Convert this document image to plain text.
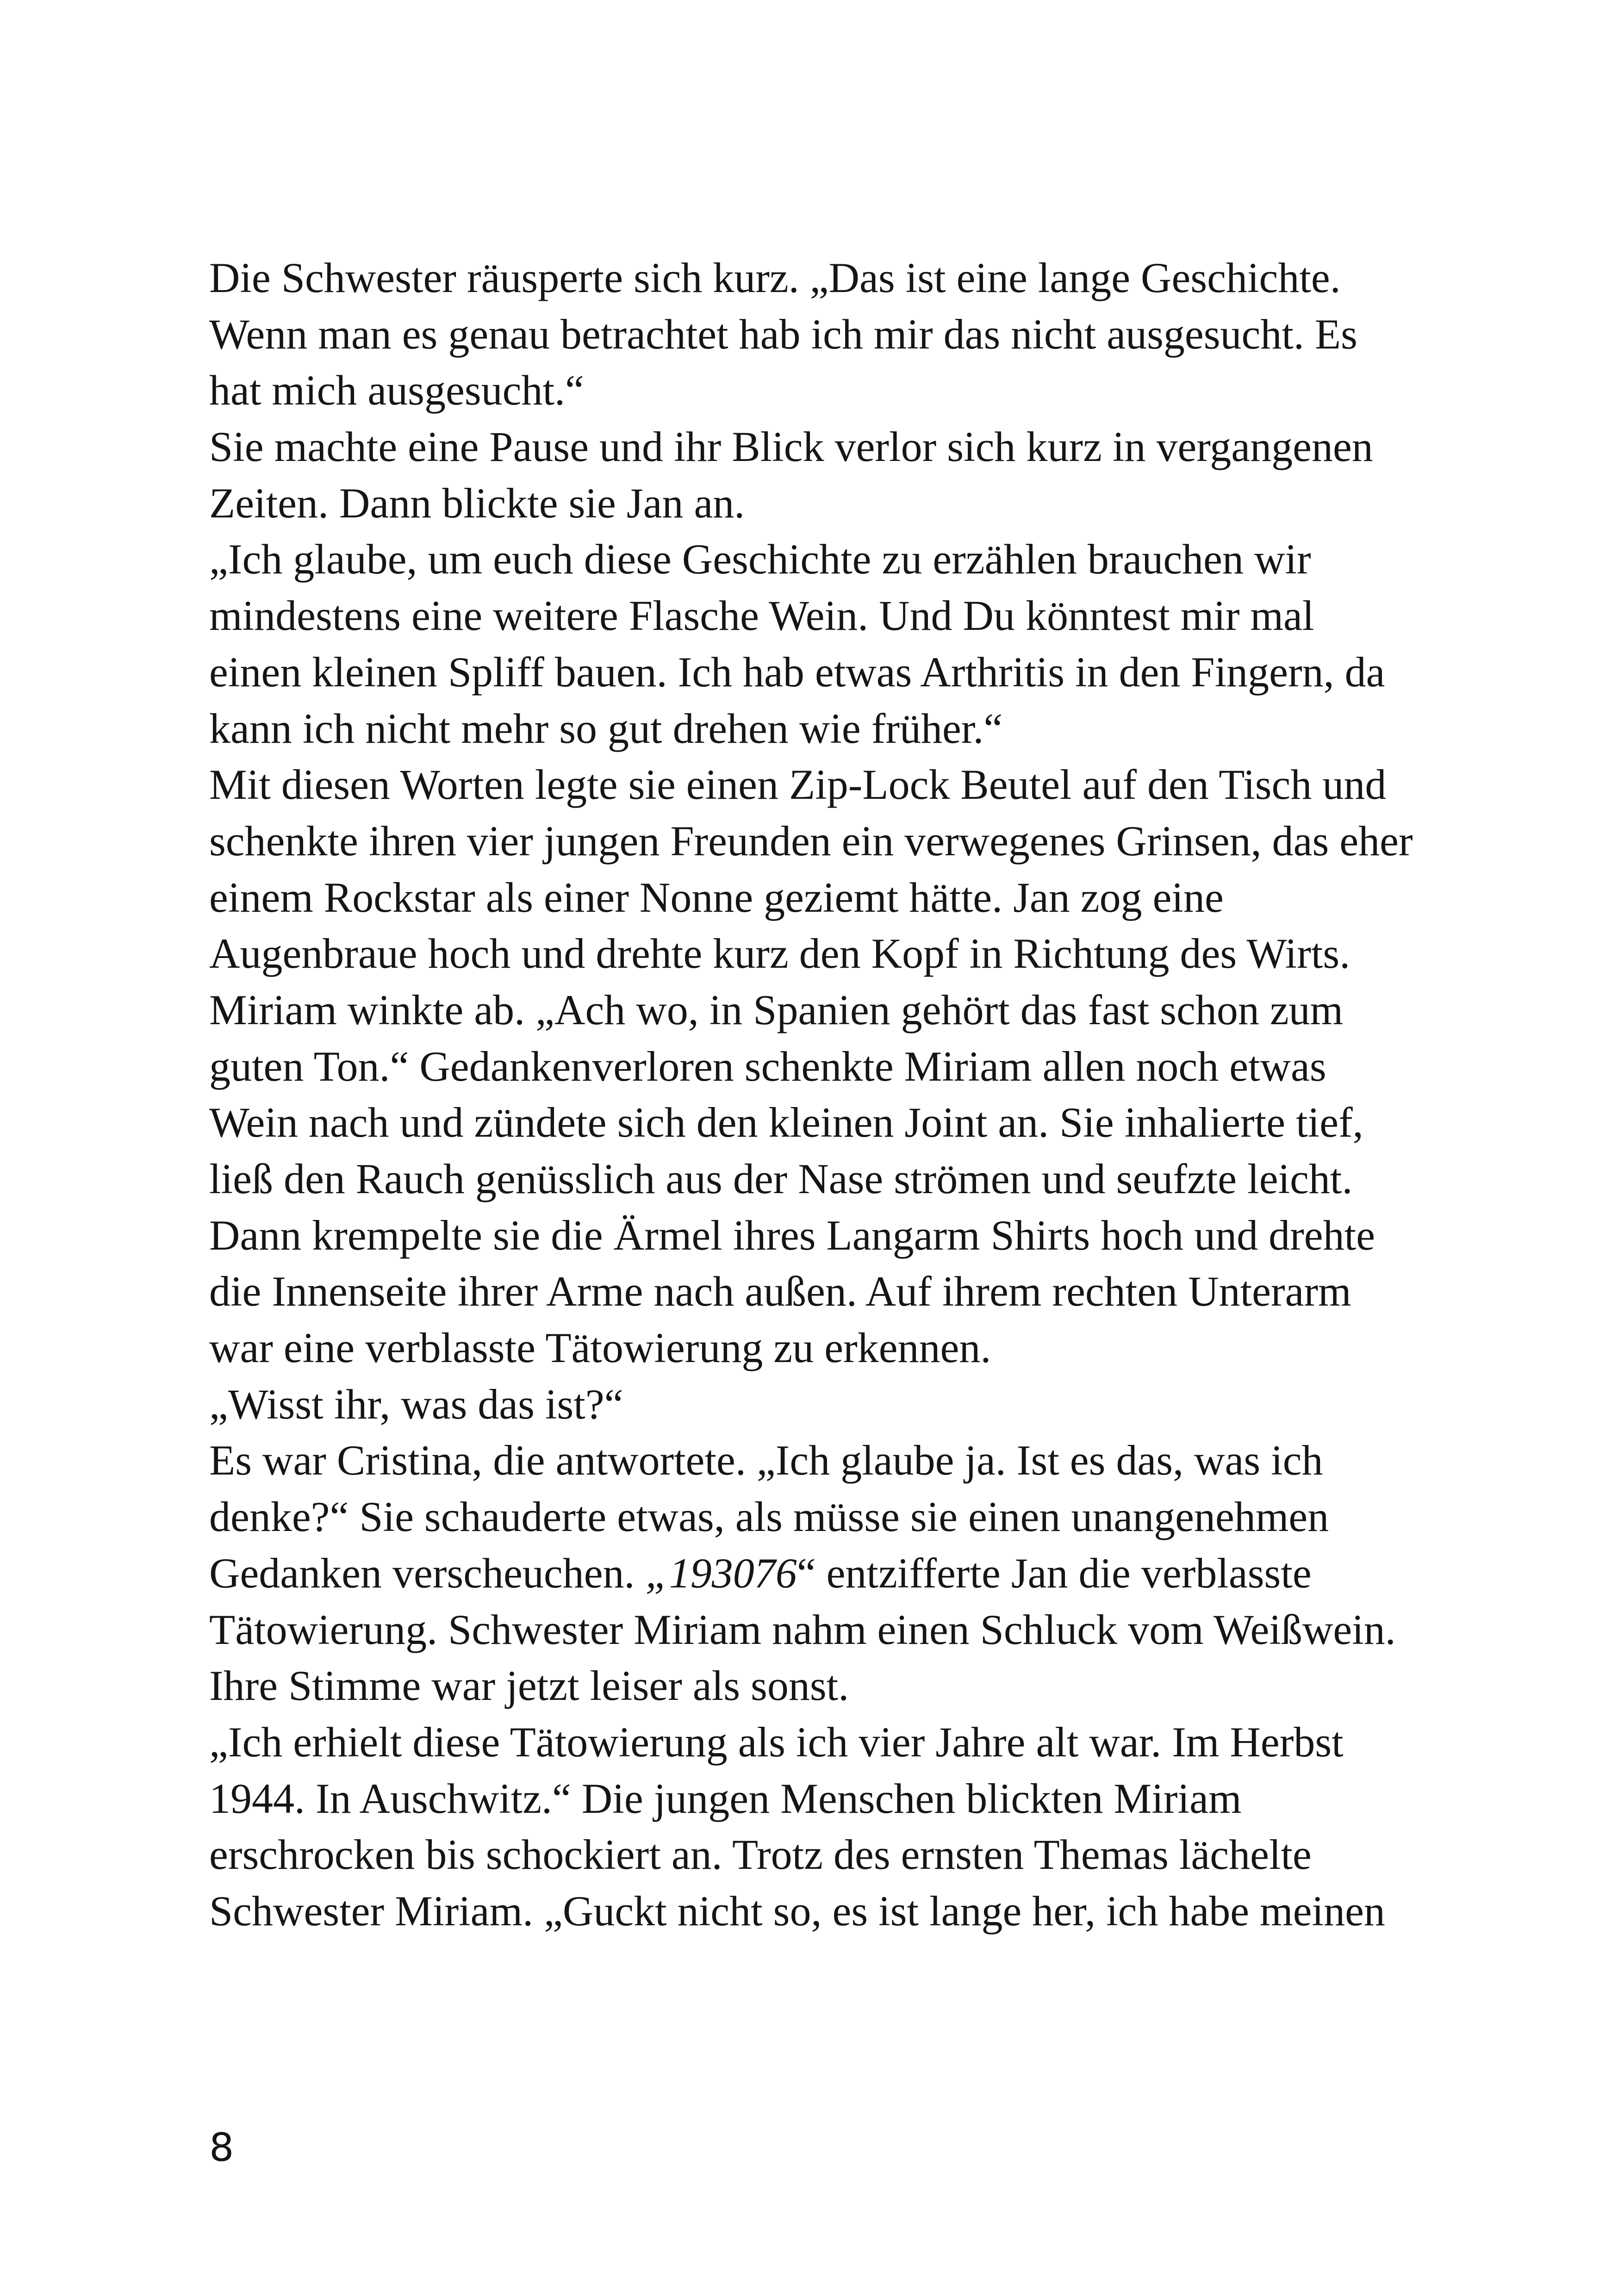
Die Schwester räusperte sich kurz. „Das ist eine lange Geschichte.
Wenn man es genau betrachtet hab ich mir das nicht ausgesucht. Es
hat mich ausgesucht.“
Sie machte eine Pause und ihr Blick verlor sich kurz in vergangenen
Zeiten. Dann blickte sie Jan an.
„Ich glaube, um euch diese Geschichte zu erzählen brauchen wir
mindestens eine weitere Flasche Wein. Und Du könntest mir mal
einen kleinen Spliff bauen. Ich hab etwas Arthritis in den Fingern, da
kann ich nicht mehr so gut drehen wie früher.“
Mit diesen Worten legte sie einen Zip-Lock Beutel auf den Tisch und
schenkte ihren vier jungen Freunden ein verwegenes Grinsen, das eher
einem Rockstar als einer Nonne geziemt hätte. Jan zog eine
Augenbraue hoch und drehte kurz den Kopf in Richtung des Wirts.
Miriam winkte ab. „Ach wo, in Spanien gehört das fast schon zum
guten Ton.“ Gedankenverloren schenkte Miriam allen noch etwas
Wein nach und zündete sich den kleinen Joint an. Sie inhalierte tief,
ließ den Rauch genüsslich aus der Nase strömen und seufzte leicht.
Dann krempelte sie die Ärmel ihres Langarm Shirts hoch und drehte
die Innenseite ihrer Arme nach außen. Auf ihrem rechten Unterarm
war eine verblasste Tätowierung zu erkennen.
„Wisst ihr, was das ist?“
Es war Cristina, die antwortete. „Ich glaube ja. Ist es das, was ich
denke?“ Sie schauderte etwas, als müsse sie einen unangenehmen
Gedanken verscheuchen. „193076“ entzifferte Jan die verblasste
Tätowierung. Schwester Miriam nahm einen Schluck vom Weißwein.
Ihre Stimme war jetzt leiser als sonst.
„Ich erhielt diese Tätowierung als ich vier Jahre alt war. Im Herbst
1944. In Auschwitz.“ Die jungen Menschen blickten Miriam
erschrocken bis schockiert an. Trotz des ernsten Themas lächelte
Schwester Miriam. „Guckt nicht so, es ist lange her, ich habe meinen
8
